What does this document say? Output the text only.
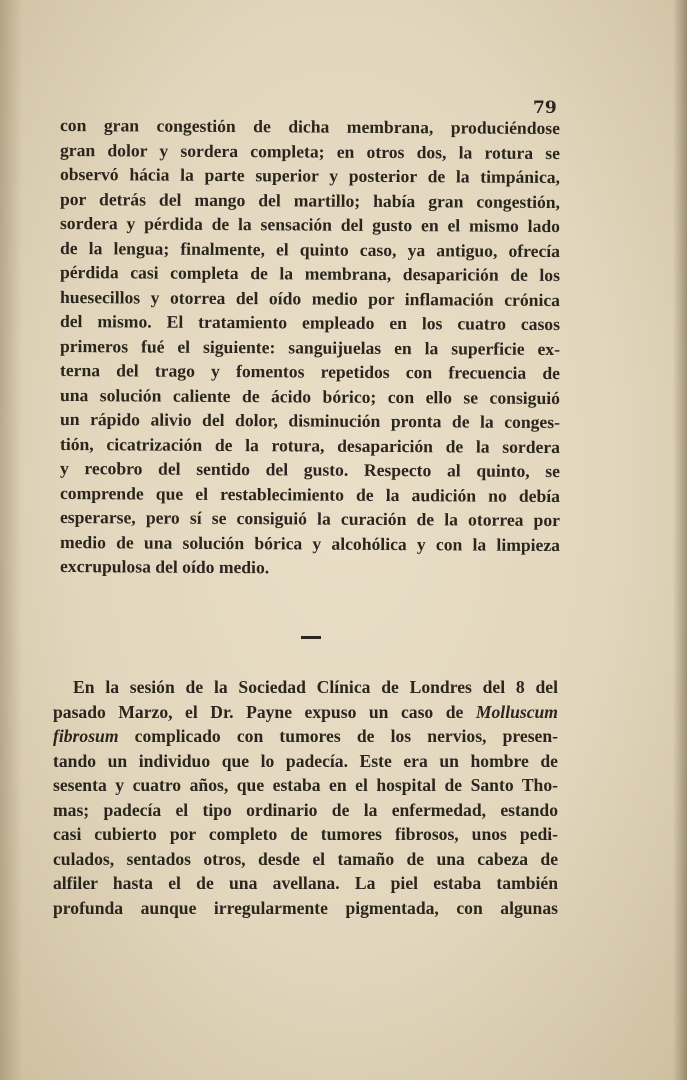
79
con gran congestión de dicha membrana, produciéndose
gran dolor y sordera completa; en otros dos, la rotura se
observó hácia la parte superior y posterior de la timpánica,
por detrás del mango del martillo; había gran congestión,
sordera y pérdida de la sensación del gusto en el mismo lado
de la lengua; finalmente, el quinto caso, ya antiguo, ofrecía
pérdida casi completa de la membrana, desaparición de los
huesecillos y otorrea del oído medio por inflamación crónica
del mismo. El tratamiento empleado en los cuatro casos
primeros fué el siguiente: sanguijuelas en la superficie ex-
terna del trago y fomentos repetidos con frecuencia de
una solución caliente de ácido bórico; con ello se consiguió
un rápido alivio del dolor, disminución pronta de la conges-
tión, cicatrización de la rotura, desaparición de la sordera
y recobro del sentido del gusto. Respecto al quinto, se
comprende que el restablecimiento de la audición no debía
esperarse, pero sí se consiguió la curación de la otorrea por
medio de una solución bórica y alcohólica y con la limpieza
excrupulosa del oído medio.
En la sesión de la Sociedad Clínica de Londres del 8 del
pasado Marzo, el Dr. Payne expuso un caso de Molluscum
fibrosum complicado con tumores de los nervios, presen-
tando un individuo que lo padecía. Este era un hombre de
sesenta y cuatro años, que estaba en el hospital de Santo Tho-
mas; padecía el tipo ordinario de la enfermedad, estando
casi cubierto por completo de tumores fibrosos, unos pedi-
culados, sentados otros, desde el tamaño de una cabeza de
alfiler hasta el de una avellana. La piel estaba también
profunda aunque irregularmente pigmentada, con algunas
